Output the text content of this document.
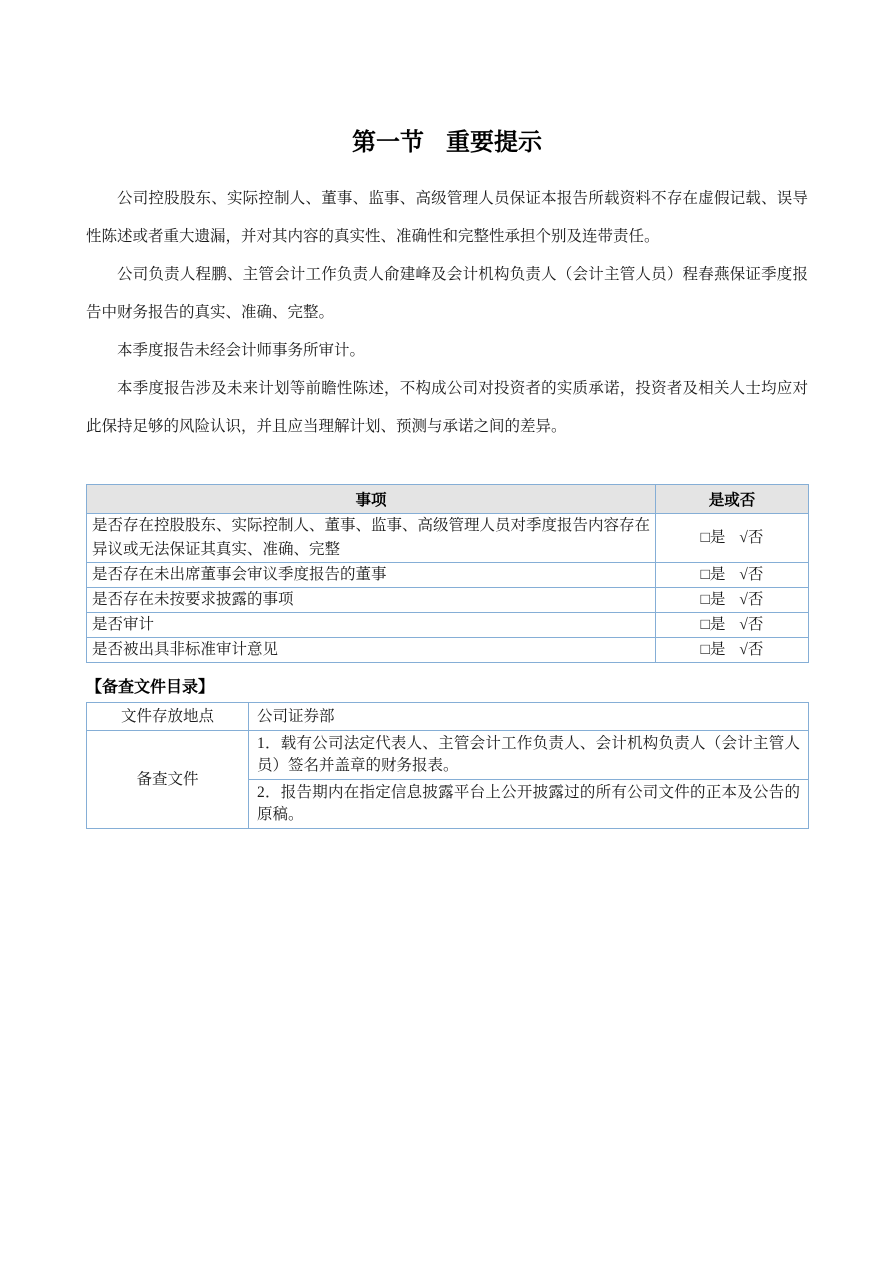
第一节 重要提示

公司控股股东、实际控制人、董事、监事、高级管理人员保证本报告所载资料不存在虚假记载、误导性陈述或者重大遗漏，并对其内容的真实性、准确性和完整性承担个别及连带责任。

公司负责人程鹏、主管会计工作负责人俞建峰及会计机构负责人（会计主管人员）程春燕保证季度报告中财务报告的真实、准确、完整。

本季度报告未经会计师事务所审计。

本季度报告涉及未来计划等前瞻性陈述，不构成公司对投资者的实质承诺，投资者及相关人士均应对此保持足够的风险认识，并且应当理解计划、预测与承诺之间的差异。

事项	是或否
是否存在控股股东、实际控制人、董事、监事、高级管理人员对季度报告内容存在异议或无法保证其真实、准确、完整	□是 √否
是否存在未出席董事会审议季度报告的董事	□是 √否
是否存在未按要求披露的事项	□是 √否
是否审计	□是 √否
是否被出具非标准审计意见	□是 √否
【备查文件目录】
文件存放地点	公司证券部
备查文件	1．载有公司法定代表人、主管会计工作负责人、会计机构负责人（会计主管人员）签名并盖章的财务报表。
	2．报告期内在指定信息披露平台上公开披露过的所有公司文件的正本及公告的原稿。
